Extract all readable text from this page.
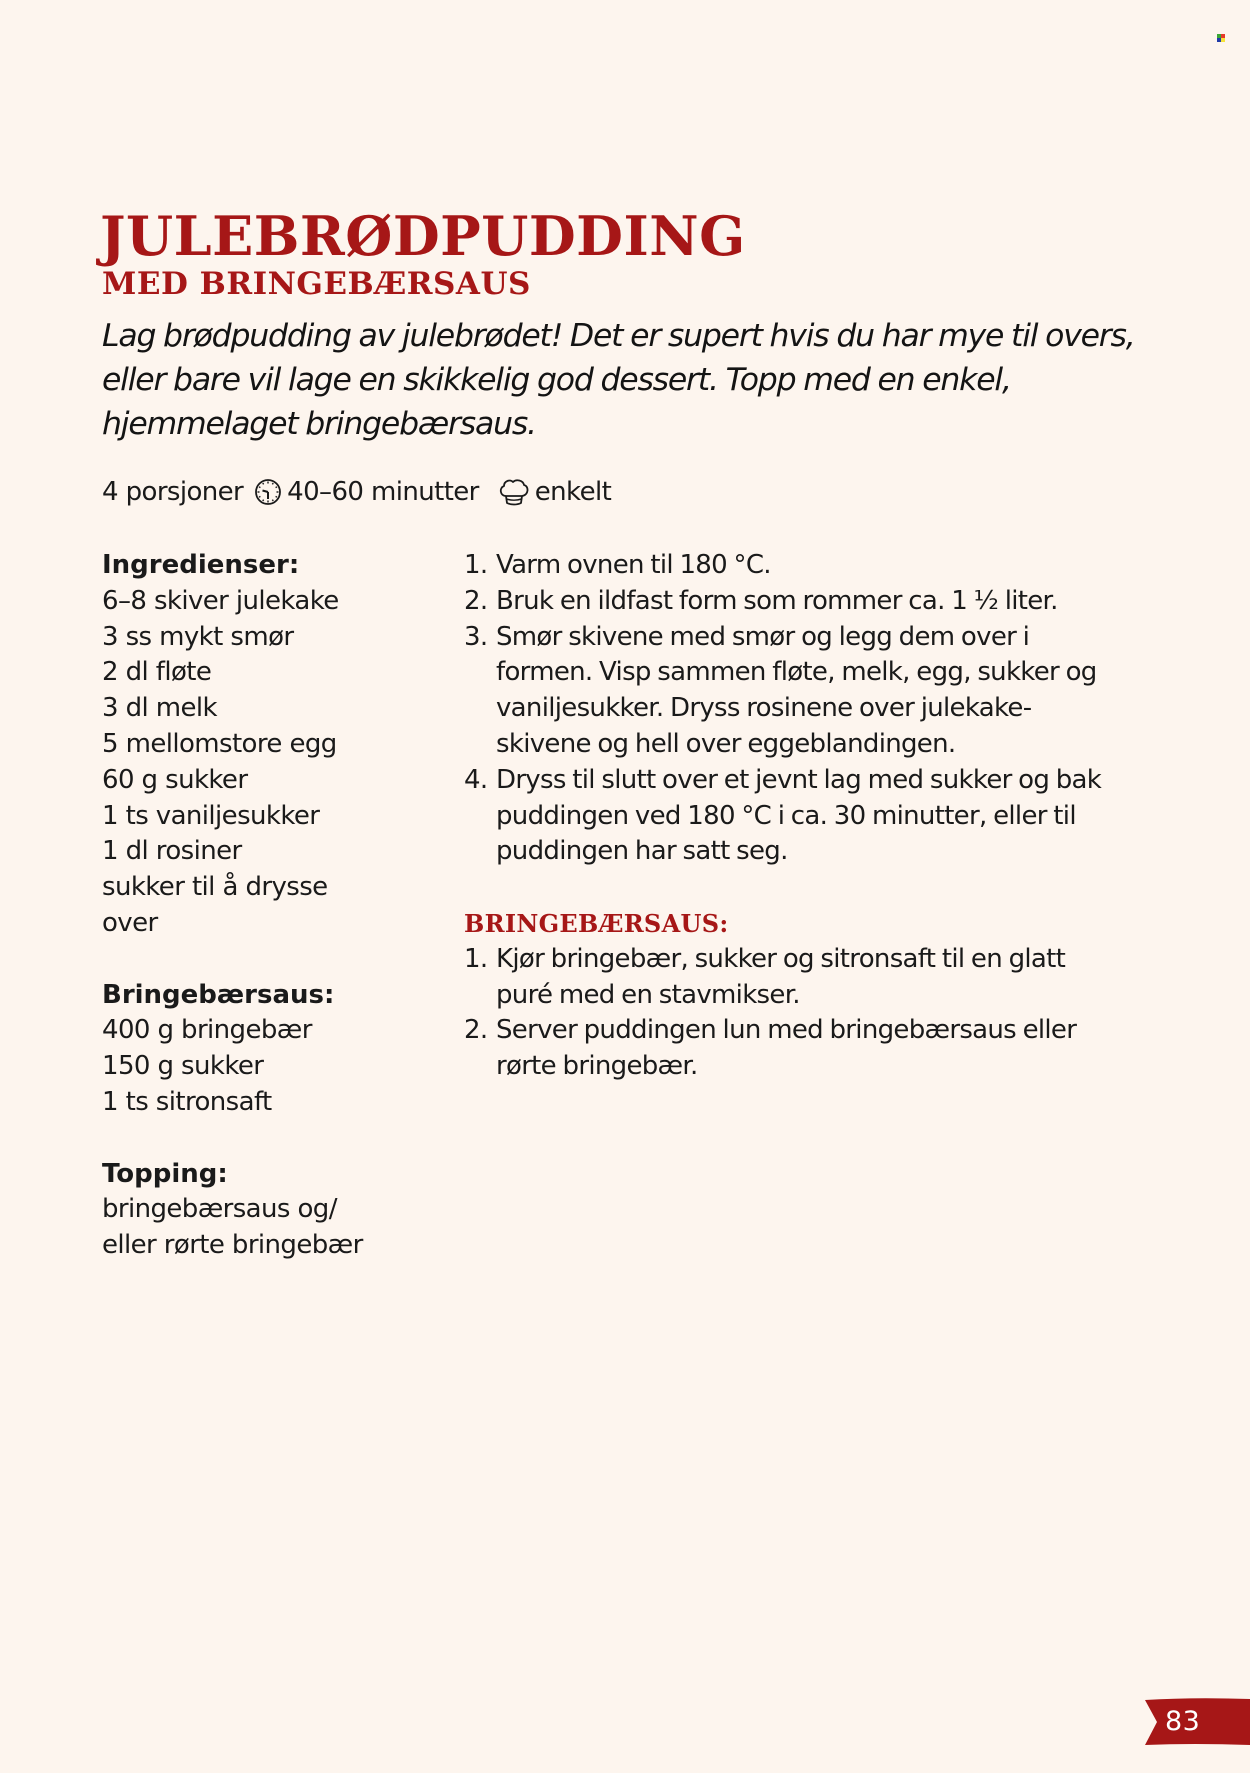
JULEBRØDPUDDING
MED BRINGEBÆRSAUS

Lag brødpudding av julebrødet! Det er supert hvis du har mye til overs, eller bare vil lage en skikkelig god dessert. Topp med en enkel, hjemmelaget bringebærsaus.

4 porsjoner 40–60 minutter enkelt
Ingredienser:
6–8 skiver julekake
3 ss mykt smør
2 dl fløte
3 dl melk
5 mellomstore egg
60 g sukker
1 ts vaniljesukker
1 dl rosiner
sukker til å drysse over
Bringebærsaus:
400 g bringebær
150 g sukker
1 ts sitronsaft
Topping:
bringebærsaus og/ eller rørte bringebær
1. Varm ovnen til 180 °C.
2. Bruk en ildfast form som rommer ca. 1 ½ liter.
3. Smør skivene med smør og legg dem over i formen. Visp sammen fløte, melk, egg, sukker og vaniljesukker. Dryss rosinene over julekake-skivene og hell over eggeblandingen.
4. Dryss til slutt over et jevnt lag med sukker og bak puddingen ved 180 °C i ca. 30 minutter, eller til puddingen har satt seg.
BRINGEBÆRSAUS:
1. Kjør bringebær, sukker og sitronsaft til en glatt puré med en stavmikser.
2. Server puddingen lun med bringebærsaus eller rørte bringebær.
83
